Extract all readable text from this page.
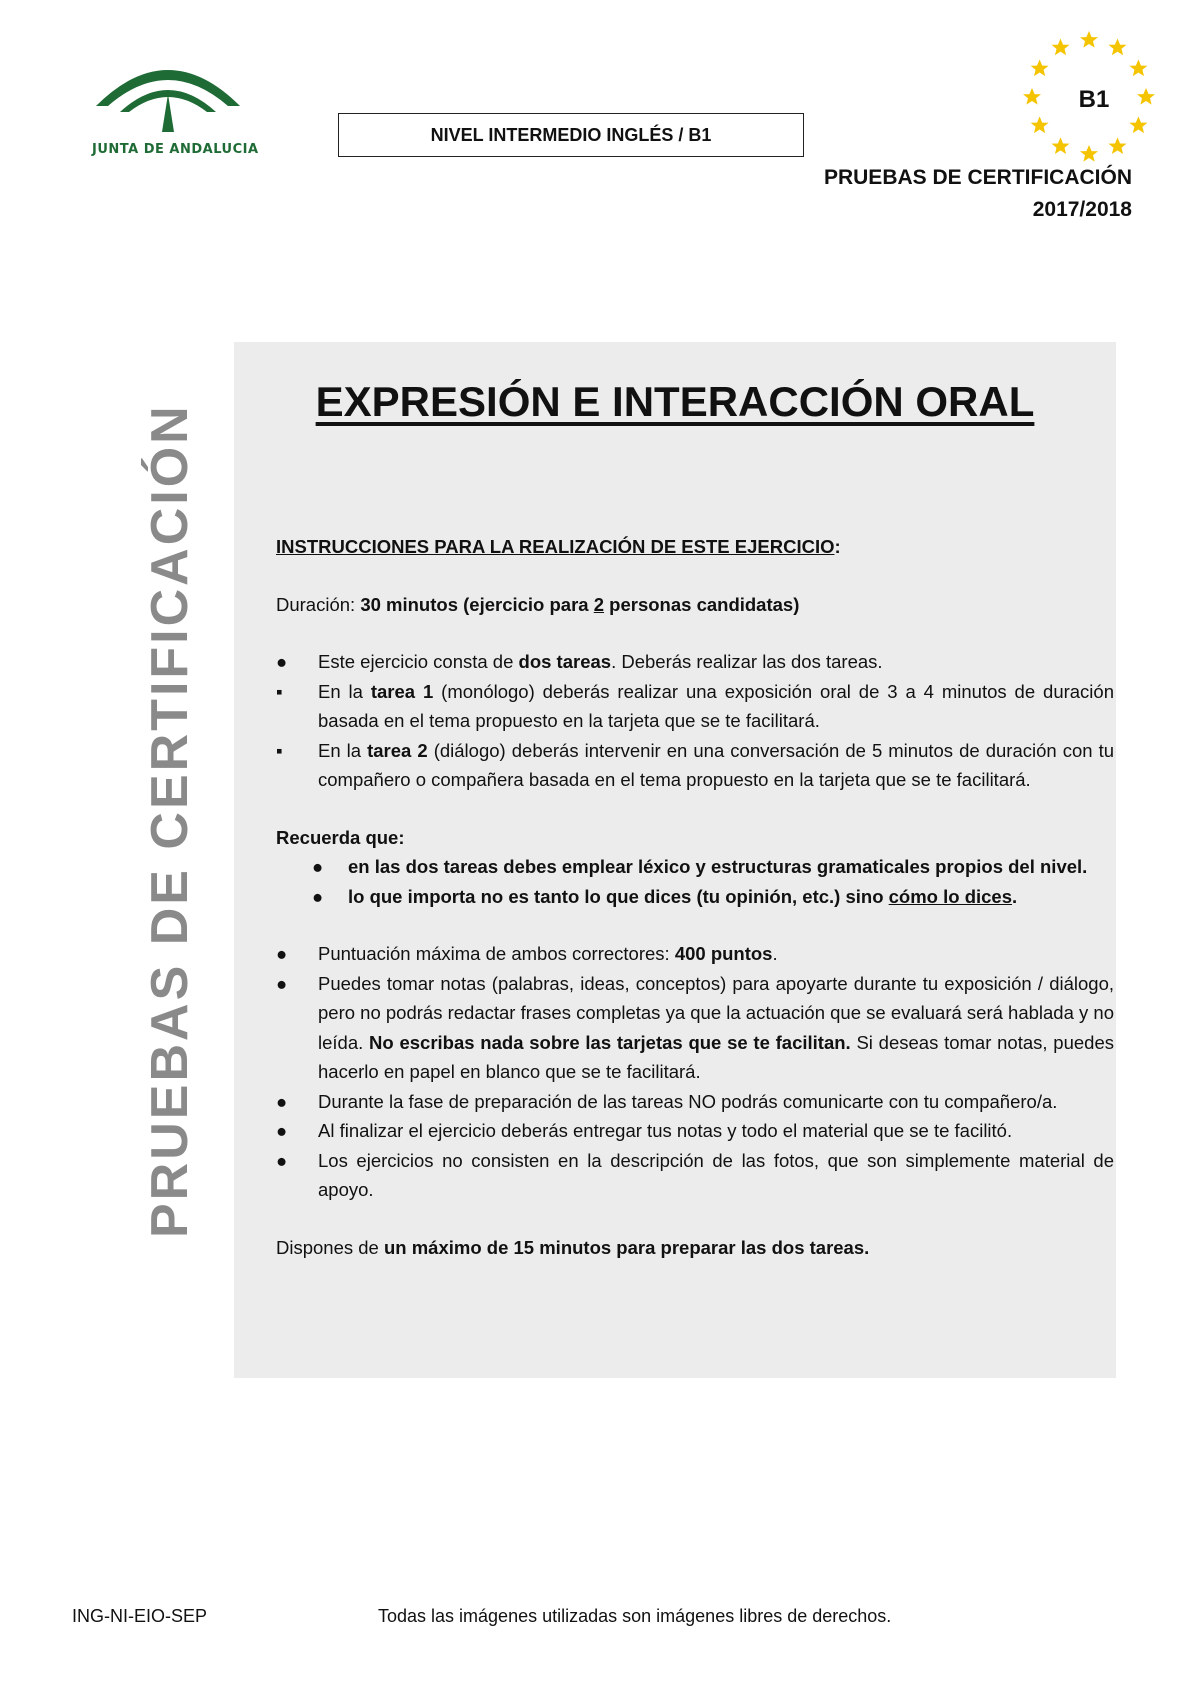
JUNTA DE ANDALUCIA
NIVEL INTERMEDIO INGLÉS / B1
B1
PRUEBAS DE CERTIFICACIÓN
2017/2018
PRUEBAS DE CERTIFICACIÓN
EXPRESIÓN E INTERACCIÓN ORAL

INSTRUCCIONES PARA LA REALIZACIÓN DE ESTE EJERCICIO:

Duración: 30 minutos (ejercicio para 2 personas candidatas)

●	Este ejercicio consta de dos tareas. Deberás realizar las dos tareas.

▪	En la tarea 1 (monólogo) deberás realizar una exposición oral de 3 a 4 minutos de duración basada en el tema propuesto en la tarjeta que se te facilitará.

▪	En la tarea 2 (diálogo) deberás intervenir en una conversación de 5 minutos de duración con tu compañero o compañera basada en el tema propuesto en la tarjeta que se te facilitará.

Recuerda que:

● en las dos tareas debes emplear léxico y estructuras gramaticales propios del nivel.

● lo que importa no es tanto lo que dices (tu opinión, etc.) sino cómo lo dices.

●	Puntuación máxima de ambos correctores: 400 puntos.

●	Puedes tomar notas (palabras, ideas, conceptos) para apoyarte durante tu exposición / diálogo, pero no podrás redactar frases completas ya que la actuación que se evaluará será hablada y no leída. No escribas nada sobre las tarjetas que se te facilitan. Si deseas tomar notas, puedes hacerlo en papel en blanco que se te facilitará.

●	Durante la fase de preparación de las tareas NO podrás comunicarte con tu compañero/a.

●	Al finalizar el ejercicio deberás entregar tus notas y todo el material que se te facilitó.

●	Los ejercicios no consisten en la descripción de las fotos, que son simplemente material de apoyo.

Dispones de un máximo de 15 minutos para preparar las dos tareas.

ING-NI-EIO-SEP	Todas las imágenes utilizadas son imágenes libres de derechos.
